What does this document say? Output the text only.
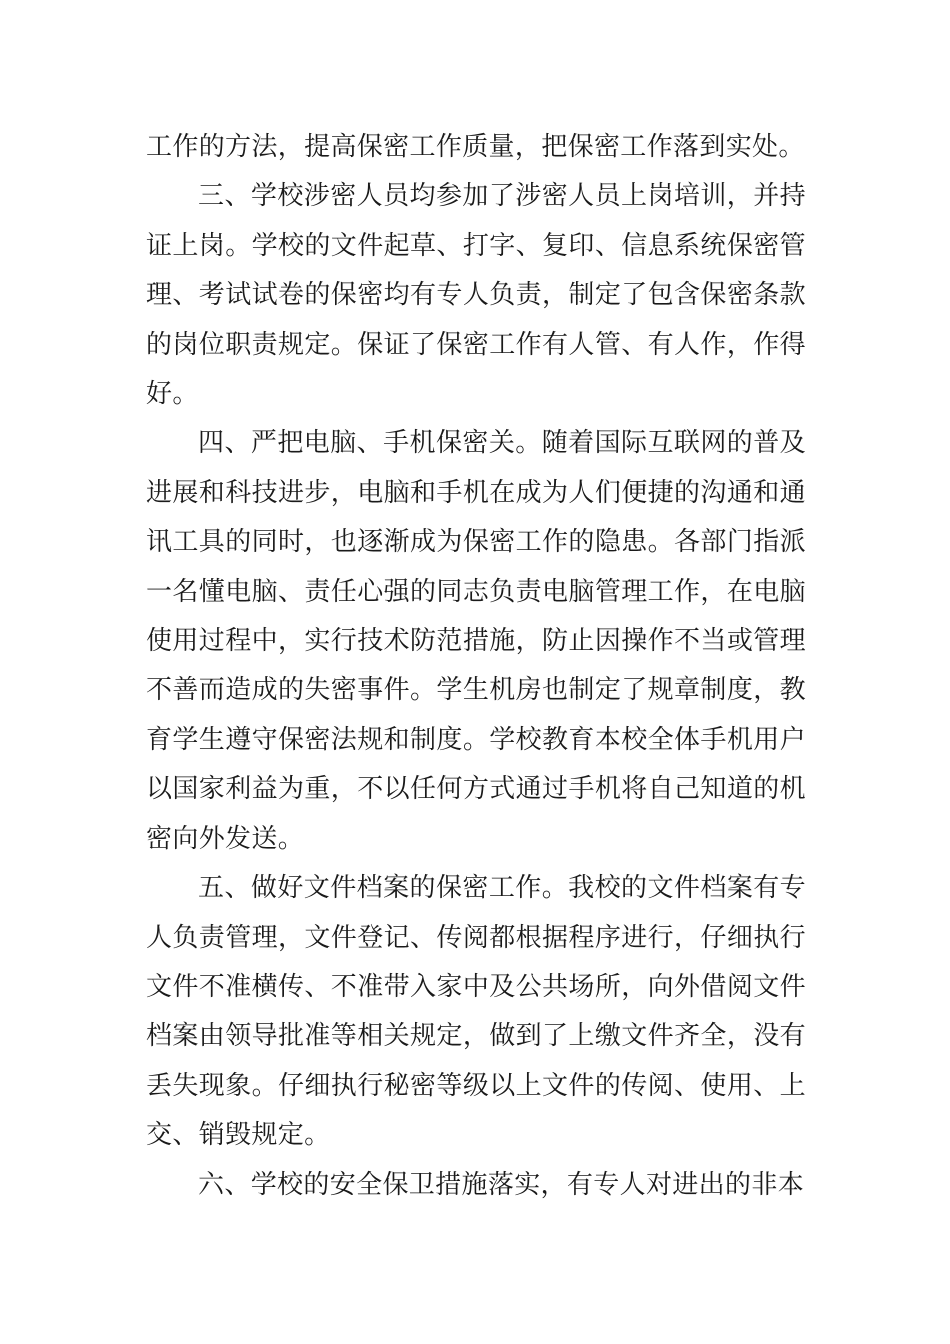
工作的方法，提高保密工作质量，把保密工作落到实处。

三、学校涉密人员均参加了涉密人员上岗培训，并持证上岗。学校的文件起草、打字、复印、信息系统保密管理、考试试卷的保密均有专人负责，制定了包含保密条款的岗位职责规定。保证了保密工作有人管、有人作，作得好。

四、严把电脑、手机保密关。随着国际互联网的普及进展和科技进步，电脑和手机在成为人们便捷的沟通和通讯工具的同时，也逐渐成为保密工作的隐患。各部门指派一名懂电脑、责任心强的同志负责电脑管理工作，在电脑使用过程中，实行技术防范措施，防止因操作不当或管理不善而造成的失密事件。学生机房也制定了规章制度，教育学生遵守保密法规和制度。学校教育本校全体手机用户以国家利益为重，不以任何方式通过手机将自己知道的机密向外发送。

五、做好文件档案的保密工作。我校的文件档案有专人负责管理，文件登记、传阅都根据程序进行，仔细执行文件不准横传、不准带入家中及公共场所，向外借阅文件档案由领导批准等相关规定，做到了上缴文件齐全，没有丢失现象。仔细执行秘密等级以上文件的传阅、使用、上交、销毁规定。

六、学校的安全保卫措施落实，有专人对进出的非本
